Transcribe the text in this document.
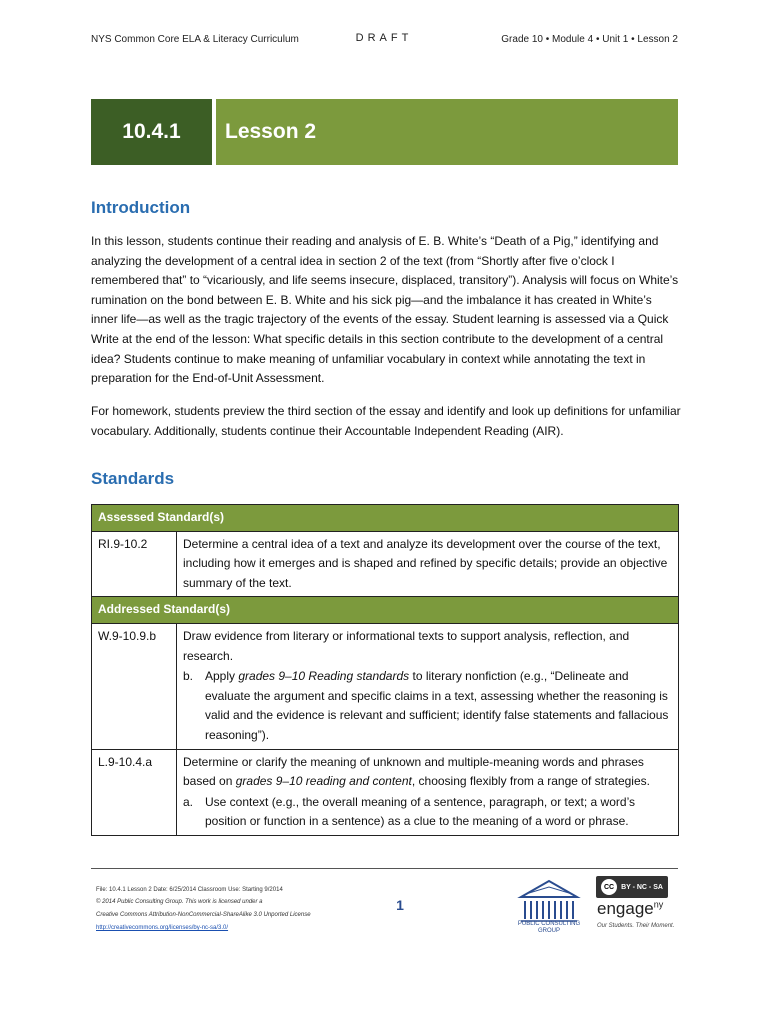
NYS Common Core ELA & Literacy Curriculum	DRAFT	Grade 10 • Module 4 • Unit 1 • Lesson 2
10.4.1	Lesson 2
Introduction

In this lesson, students continue their reading and analysis of E. B. White’s “Death of a Pig,” identifying and analyzing the development of a central idea in section 2 of the text (from “Shortly after five o’clock I remembered that” to “vicariously, and life seems insecure, displaced, transitory”). Analysis will focus on White’s rumination on the bond between E. B. White and his sick pig—and the imbalance it has created in White’s inner life—as well as the tragic trajectory of the events of the essay. Student learning is assessed via a Quick Write at the end of the lesson: What specific details in this section contribute to the development of a central idea? Students continue to make meaning of unfamiliar vocabulary in context while annotating the text in preparation for the End-of-Unit Assessment.

For homework, students preview the third section of the essay and identify and look up definitions for unfamiliar vocabulary. Additionally, students continue their Accountable Independent Reading (AIR).

Standards
Assessed Standard(s)	
RI.9-10.2	Determine a central idea of a text and analyze its development over the course of the text, including how it emerges and is shaped and refined by specific details; provide an objective summary of the text.
Addressed Standard(s)	
W.9-10.9.b	Draw evidence from literary or informational texts to support analysis, reflection, and research.
b. Apply grades 9–10 Reading standards to literary nonfiction (e.g., “Delineate and evaluate the argument and specific claims in a text, assessing whether the reasoning is valid and the evidence is relevant and sufficient; identify false statements and fallacious reasoning”).

L.9-10.4.a	Determine or clarify the meaning of unknown and multiple-meaning words and phrases based on grades 9–10 reading and content, choosing flexibly from a range of strategies.
a. Use context (e.g., the overall meaning of a sentence, paragraph, or text; a word’s position or function in a sentence) as a clue to the meaning of a word or phrase.
File: 10.4.1 Lesson 2 Date: 6/25/2014 Classroom Use: Starting 9/2014
© 2014 Public Consulting Group. This work is licensed under a
Creative Commons Attribution-NonCommercial-ShareAlike 3.0 Unported License
http://creativecommons.org/licenses/by-nc-sa/3.0/
1
PUBLIC CONSULTING
GROUP
CC BY - NC - SA
engage$^{ny}$
Our Students. Their Moment.
